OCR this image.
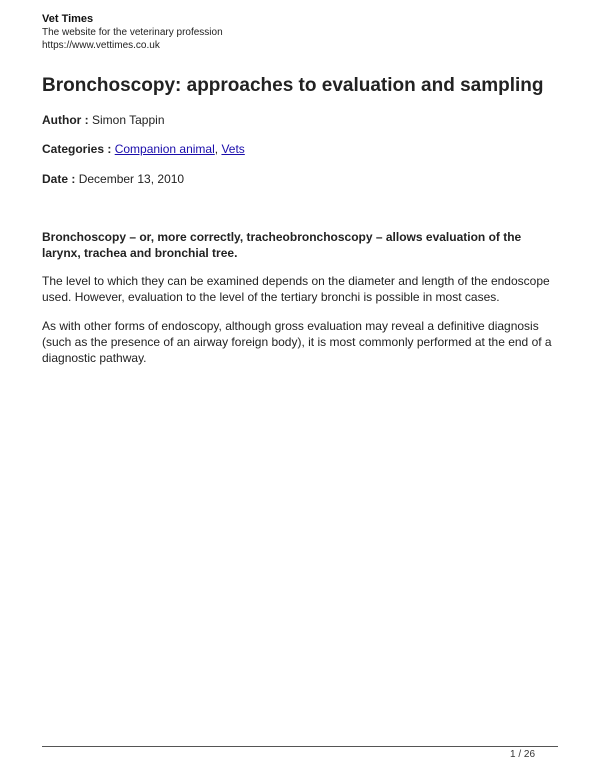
Vet Times
The website for the veterinary profession
https://www.vettimes.co.uk
Bronchoscopy: approaches to evaluation and sampling
Author : Simon Tappin
Categories : Companion animal, Vets
Date : December 13, 2010

Bronchoscopy – or, more correctly, tracheobronchoscopy – allows evaluation of the larynx, trachea and bronchial tree.

The level to which they can be examined depends on the diameter and length of the endoscope used. However, evaluation to the level of the tertiary bronchi is possible in most cases.

As with other forms of endoscopy, although gross evaluation may reveal a definitive diagnosis (such as the presence of an airway foreign body), it is most commonly performed at the end of a diagnostic pathway.

1 / 26
